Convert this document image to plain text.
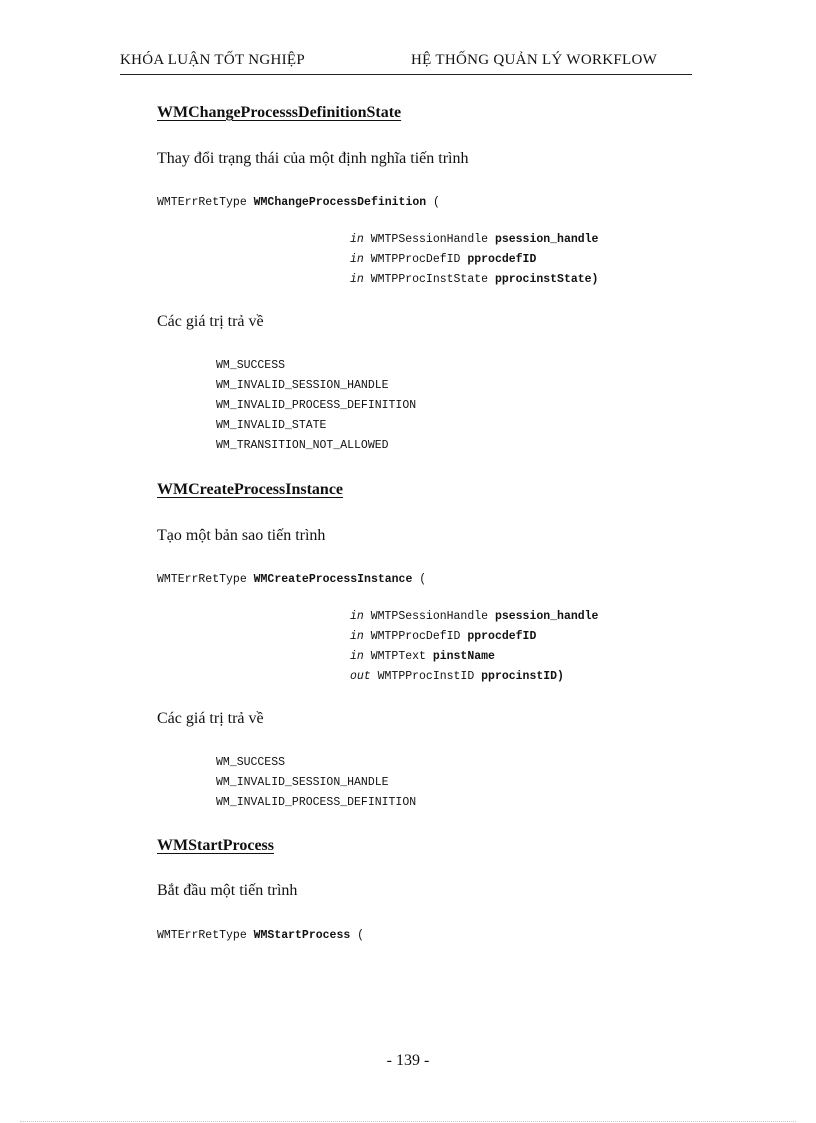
KHÓA LUẬN TỐT NGHIỆP	HỆ THỐNG QUẢN LÝ WORKFLOW
WMChangeProcesssDefinitionState
Thay đổi trạng thái của một định nghĩa tiến trình
WMTErrRetType WMChangeProcessDefinition (
in WMTPSessionHandle psession_handle
in WMTPProcDefID pprocdefID
in WMTPProcInstState pprocinstState)
Các giá trị trả về
WM_SUCCESS
WM_INVALID_SESSION_HANDLE
WM_INVALID_PROCESS_DEFINITION
WM_INVALID_STATE
WM_TRANSITION_NOT_ALLOWED
WMCreateProcessInstance
Tạo một bản sao tiến trình
WMTErrRetType WMCreateProcessInstance (
in WMTPSessionHandle psession_handle
in WMTPProcDefID pprocdefID
in WMTPText pinstName
out WMTPProcInstID pprocinstID)
Các giá trị trả về
WM_SUCCESS
WM_INVALID_SESSION_HANDLE
WM_INVALID_PROCESS_DEFINITION
WMStartProcess
Bắt đầu một tiến trình
WMTErrRetType WMStartProcess (
- 139 -
